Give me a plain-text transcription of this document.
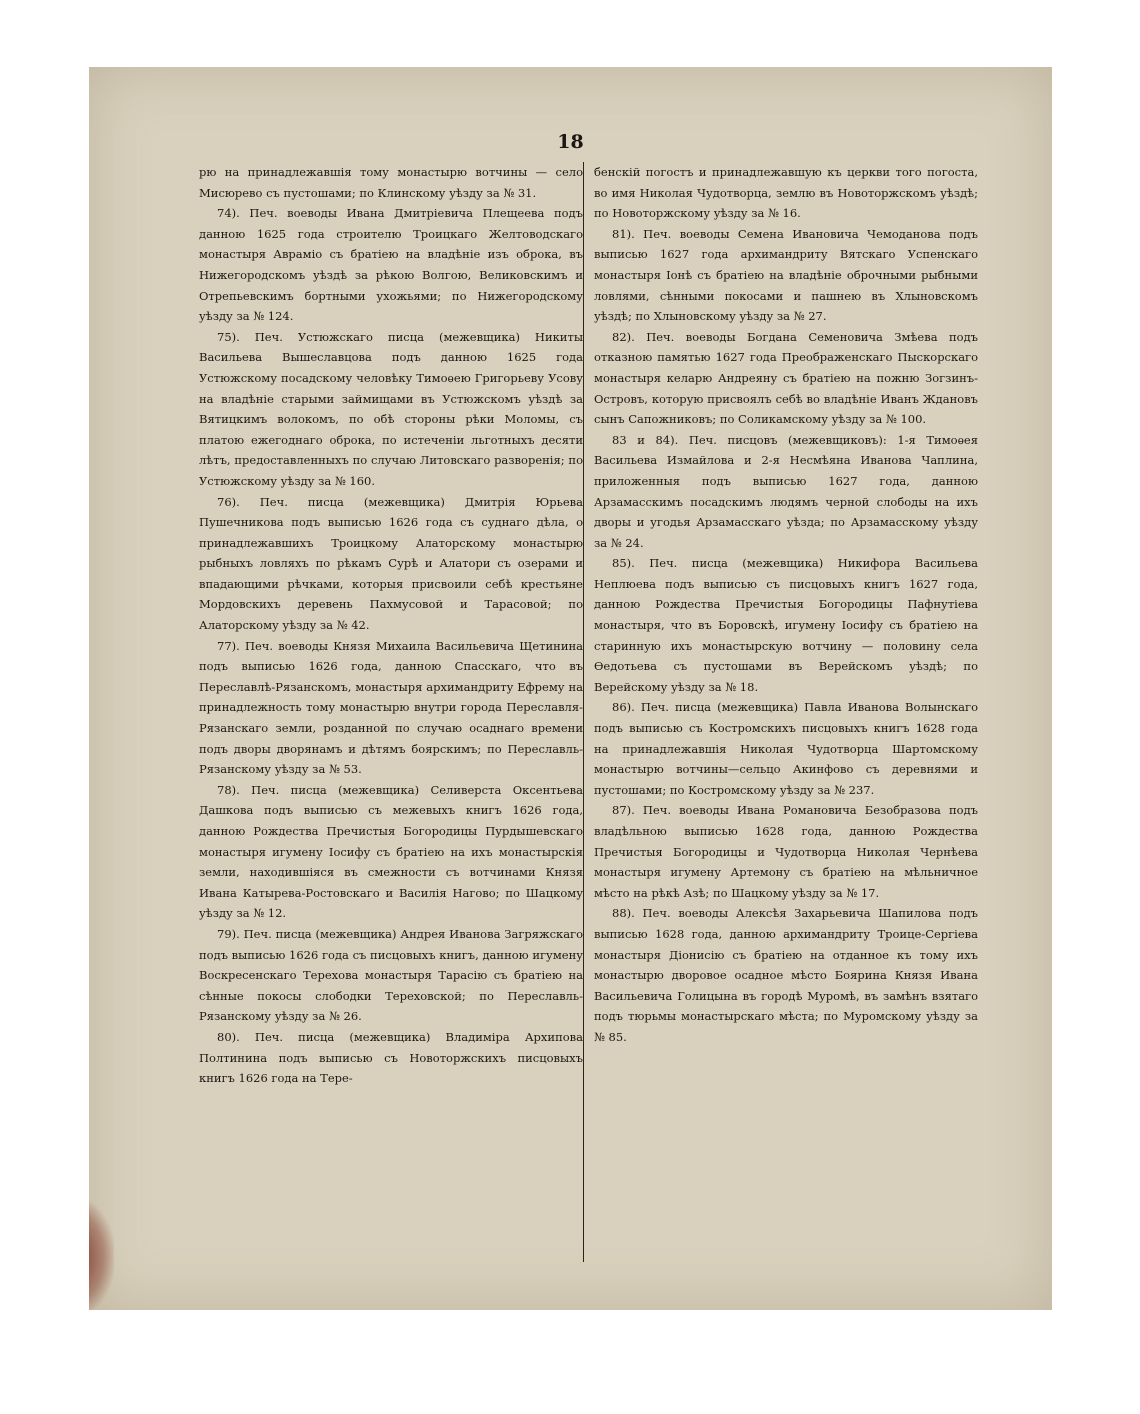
18

рю на принадлежавшія тому монастырю вотчины — село Мисюрево съ пустошами; по Клинскому уѣзду за № 31.

74). Печ. воеводы Ивана Дмитріевича Плещеева подъ данною 1625 года строителю Троицкаго Желтоводскаго монастыря Авраміо съ братіею на владѣніе изъ оброка, въ Нижегородскомъ уѣздѣ за рѣкою Волгою, Великовскимъ и Отрепьевскимъ бортными ухожьями; по Нижегородскому уѣзду за № 124.

75). Печ. Устюжскаго писца (межевщика) Никиты Васильева Вышеславцова подъ данною 1625 года Устюжскому посадскому человѣку Тимоѳею Григорьеву Усову на владѣніе старыми займищами въ Устюжскомъ уѣздѣ за Вятицкимъ волокомъ, по обѣ стороны рѣки Моломы, съ платою ежегоднаго оброка, по истеченіи льготныхъ десяти лѣтъ, предоставленныхъ по случаю Литовскаго разворенія; по Устюжскому уѣзду за № 160.

76). Печ. писца (межевщика) Дмитрія Юрьева Пушечникова подъ выписью 1626 года съ суднаго дѣла, о принадлежавшихъ Троицкому Алаторскому монастырю рыбныхъ ловляхъ по рѣкамъ Сурѣ и Алатори съ озерами и впадающими рѣчками, которыя присвоили себѣ крестьяне Мордовскихъ деревень Пахмусовой и Тарасовой; по Алаторскому уѣзду за № 42.

77). Печ. воеводы Князя Михаила Васильевича Щетинина подъ выписью 1626 года, данною Спасскаго, что въ Переславлѣ-Рязанскомъ, монастыря архимандриту Ефрему на принадлежность тому монастырю внутри города Переславля-Рязанскаго земли, розданной по случаю осаднаго времени подъ дворы дворянамъ и дѣтямъ боярскимъ; по Переславль-Рязанскому уѣзду за № 53.

78). Печ. писца (межевщика) Селиверста Оксентьева Дашкова подъ выписью съ межевыхъ книгъ 1626 года, данною Рождества Пречистыя Богородицы Пурдышевскаго монастыря игумену Іосифу съ братіею на ихъ монастырскія земли, находившіяся въ смежности съ вотчинами Князя Ивана Катырева-Ростовскаго и Василія Нагово; по Шацкому уѣзду за № 12.

79). Печ. писца (межевщика) Андрея Иванова Загряжскаго подъ выписью 1626 года съ писцовыхъ книгъ, данною игумену Воскресенскаго Терехова монастыря Тарасію съ братіею на сѣнные покосы слободки Тереховской; по Переславль-Рязанскому уѣзду за № 26.

80). Печ. писца (межевщика) Владиміра Архипова Полтинина подъ выписью съ Новоторжскихъ писцовыхъ книгъ 1626 года на Тере-

бенскій погостъ и принадлежавшую къ церкви того погоста, во имя Николая Чудотворца, землю въ Новоторжскомъ уѣздѣ; по Новоторжскому уѣзду за № 16.

81). Печ. воеводы Семена Ивановича Чемоданова подъ выписью 1627 года архимандриту Вятскаго Успенскаго монастыря Іонѣ съ братіею на владѣніе оброчными рыбными ловлями, сѣнными покосами и пашнею въ Хлыновскомъ уѣздѣ; по Хлыновскому уѣзду за № 27.

82). Печ. воеводы Богдана Семеновича Змѣева подъ отказною памятью 1627 года Преображенскаго Пыскорскаго монастыря келарю Андреяну съ братіею на пожню Зогзинъ-Островъ, которую присвоялъ себѣ во владѣніе Иванъ Ждановъ сынъ Сапожниковъ; по Соликамскому уѣзду за № 100.

83 и 84). Печ. писцовъ (межевщиковъ): 1-я Тимоѳея Васильева Измайлова и 2-я Несмѣяна Иванова Чаплина, приложенныя подъ выписью 1627 года, данною Арзамасскимъ посадскимъ людямъ черной слободы на ихъ дворы и угодья Арзамасскаго уѣзда; по Арзамасскому уѣзду за № 24.

85). Печ. писца (межевщика) Никифора Васильева Неплюева подъ выписью съ писцовыхъ книгъ 1627 года, данною Рождества Пречистыя Богородицы Пафнутіева монастыря, что въ Боровскѣ, игумену Іосифу съ братіею на старинную ихъ монастырскую вотчину — половину села Ѳедотьева съ пустошами въ Верейскомъ уѣздѣ; по Верейскому уѣзду за № 18.

86). Печ. писца (межевщика) Павла Иванова Волынскаго подъ выписью съ Костромскихъ писцовыхъ книгъ 1628 года на принадлежавшія Николая Чудотворца Шартомскому монастырю вотчины—сельцо Акинфово съ деревнями и пустошами; по Костромскому уѣзду за № 237.

87). Печ. воеводы Ивана Романовича Безобразова подъ владѣльною выписью 1628 года, данною Рождества Пречистыя Богородицы и Чудотворца Николая Чернѣева монастыря игумену Артемону съ братіею на мѣльничное мѣсто на рѣкѣ Азѣ; по Шацкому уѣзду за № 17.

88). Печ. воеводы Алексѣя Захарьевича Шапилова подъ выписью 1628 года, данною архимандриту Троице-Сергіева монастыря Діонисію съ братіею на отданное къ тому ихъ монастырю дворовое осадное мѣсто Боярина Князя Ивана Васильевича Голицына въ городѣ Муромѣ, въ замѣнъ взятаго подъ тюрьмы монастырскаго мѣста; по Муромскому уѣзду за № 85.
